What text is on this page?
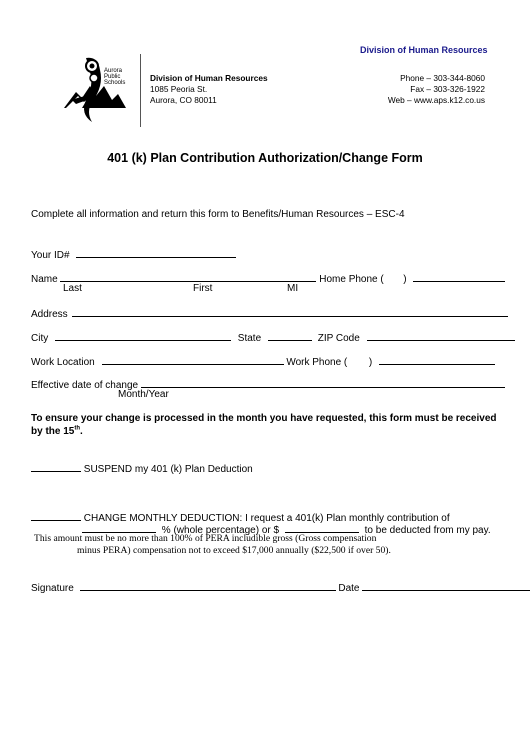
Division of Human Resources
Aurora
Public
Schools	Division of Human Resources
1085 Peoria St.
Aurora, CO 80011
Phone – 303-344-8060
Fax – 303-326-1922
Web – www.aps.k12.co.us
401 (k) Plan Contribution Authorization/Change Form
Complete all information and return this form to Benefits/Human Resources – ESC-4
Your ID#
Name	Home Phone ( )
Last	First	MI
Address
City	State	ZIP Code
Work Location	Work Phone ( )
Effective date of change
Month/Year
To ensure your change is processed in the month you have requested, this form must be received
by the 15th.
SUSPEND my 401 (k) Plan Deduction
CHANGE MONTHLY DEDUCTION: I request a 401(k) Plan monthly contribution of
% (whole percentage) or $	to be deducted from my pay.
This amount must be no more than 100% of PERA includible gross (Gross compensation
minus PERA) compensation not to exceed $17,000 annually ($22,500 if over 50).
Signature	Date
